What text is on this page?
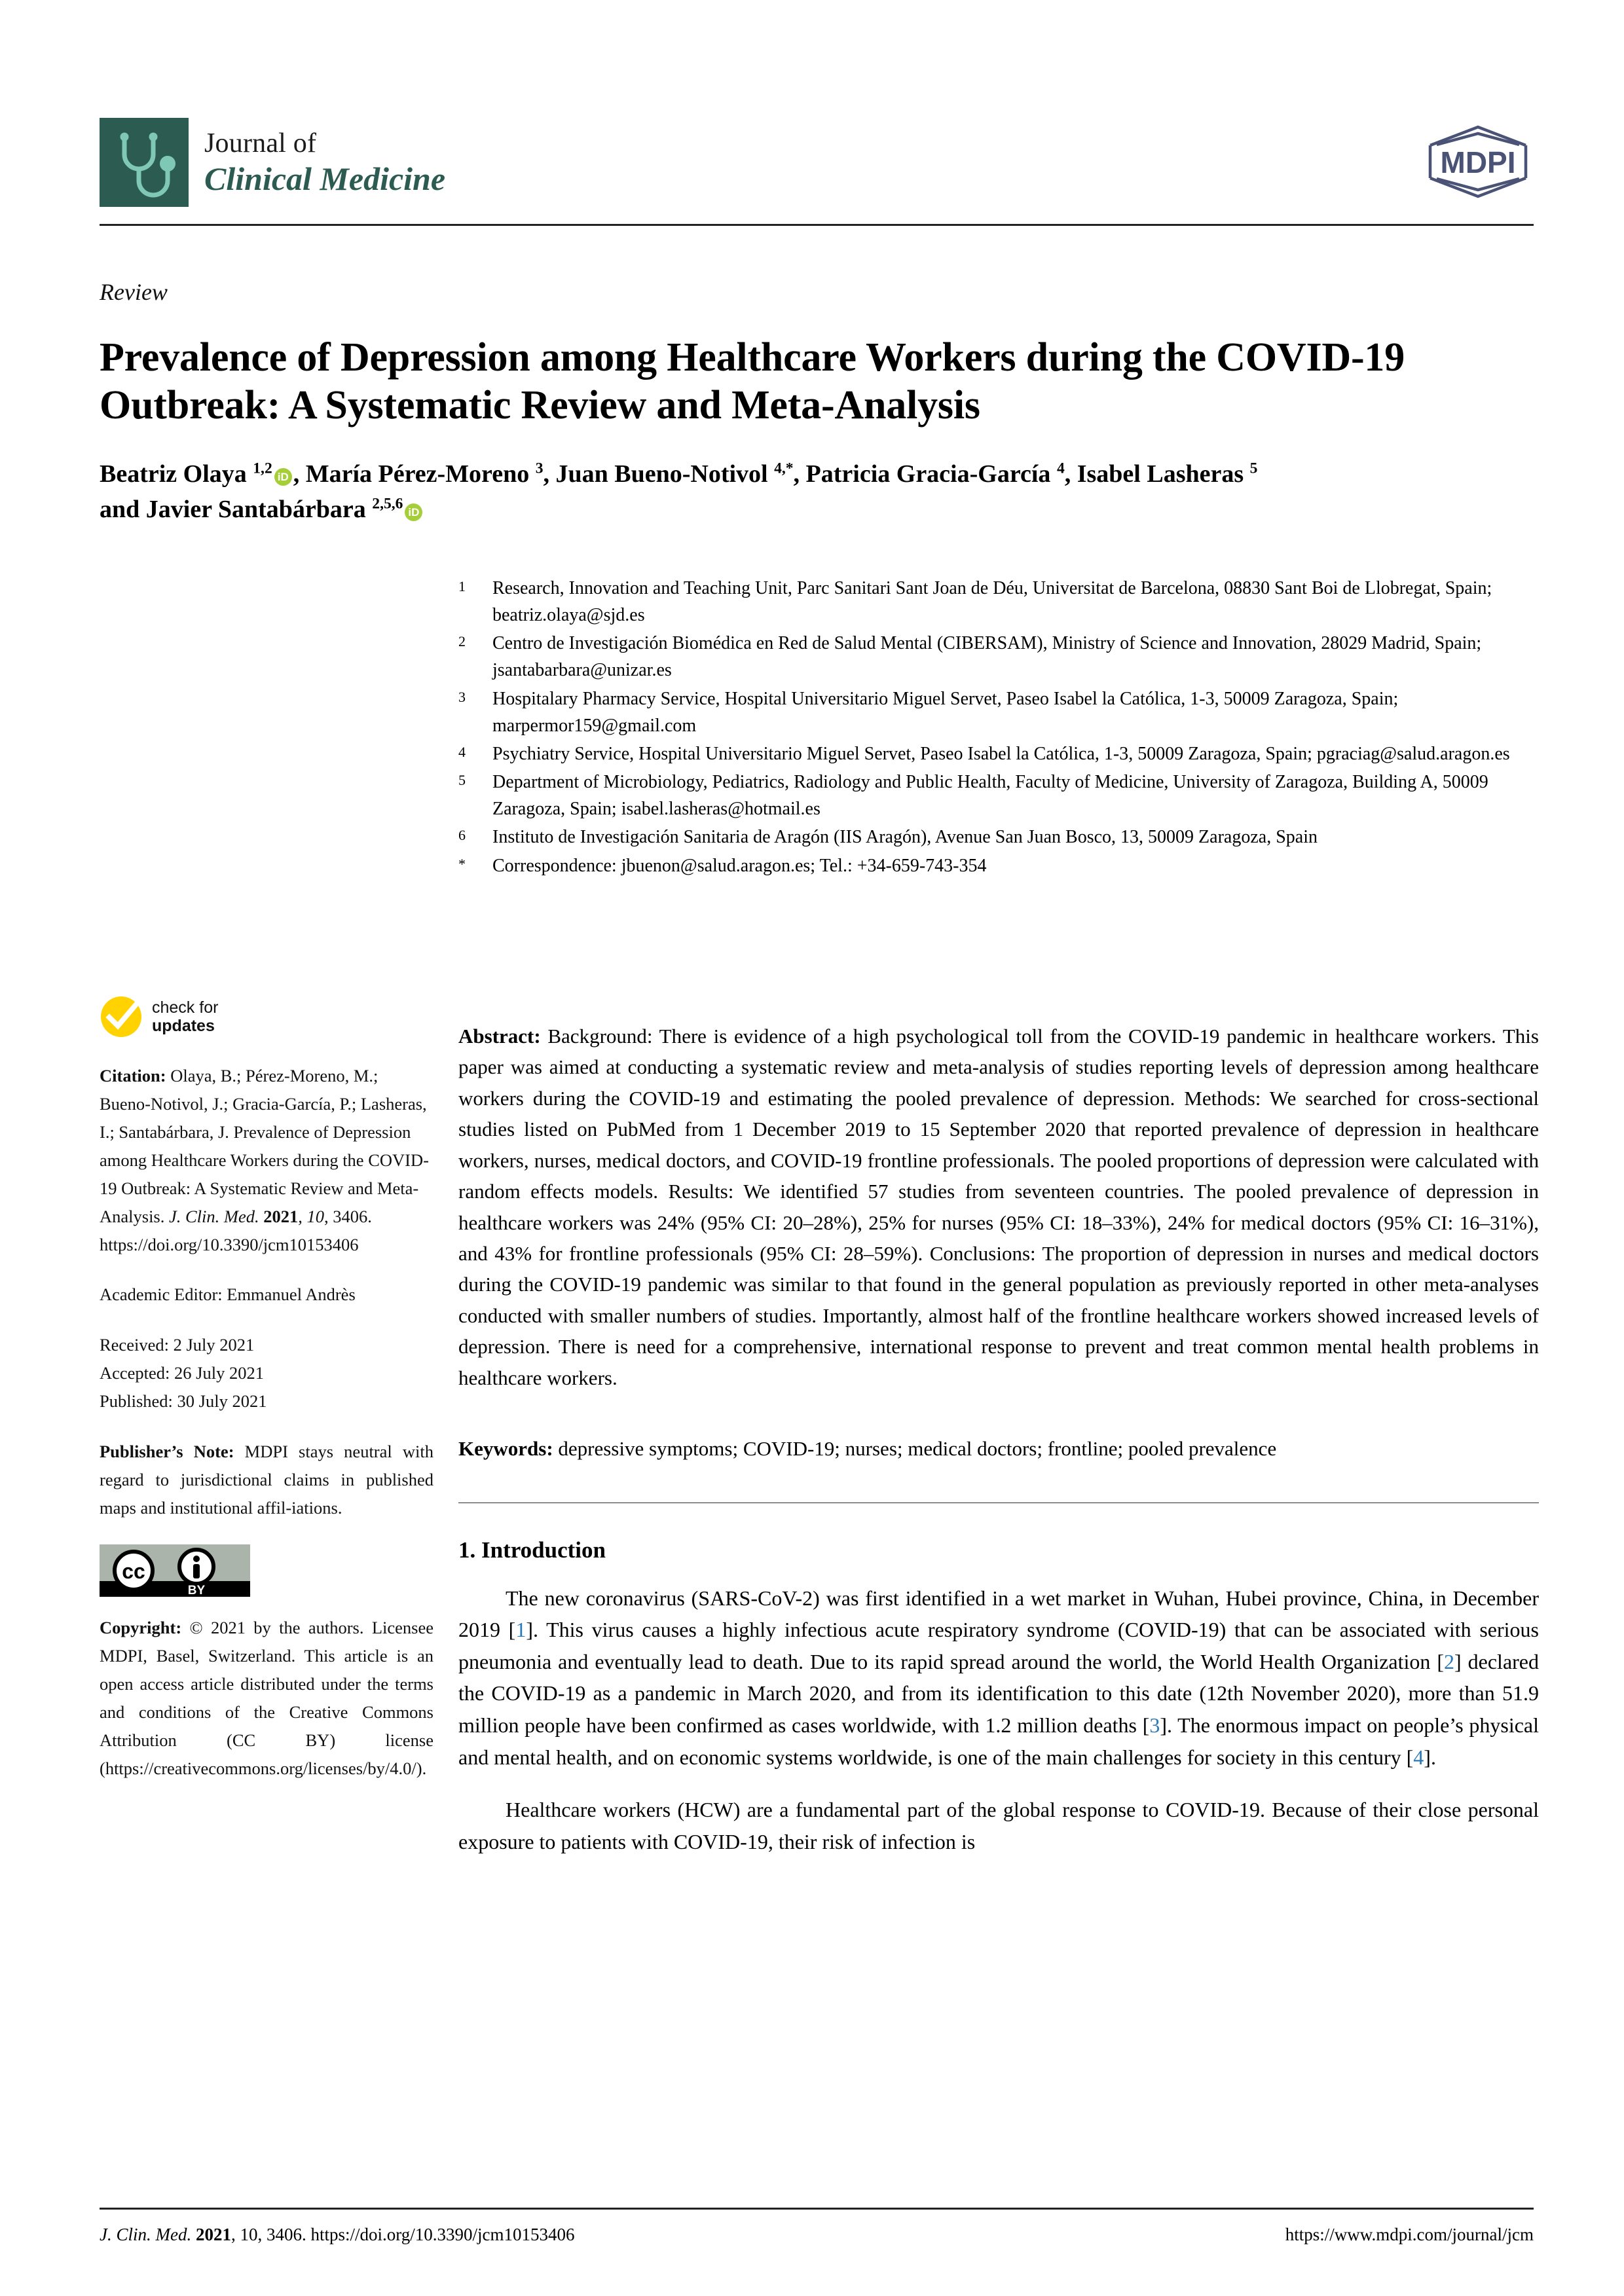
Journal of
Clinical Medicine	MDPI
Review
Prevalence of Depression among Healthcare Workers during the COVID-19 Outbreak: A Systematic Review and Meta-Analysis
Beatriz Olaya $^{1,2}$iD , María Pérez-Moreno $^3$, Juan Bueno-Notivol $^{4,*}$, Patricia Gracia-García $^4$, Isabel Lasheras $^5$
and Javier Santabárbara $^{2,5,6}$iD
1	Research, Innovation and Teaching Unit, Parc Sanitari Sant Joan de Déu, Universitat de Barcelona, 08830 Sant Boi de Llobregat, Spain; beatriz.olaya@sjd.es
2	Centro de Investigación Biomédica en Red de Salud Mental (CIBERSAM), Ministry of Science and Innovation, 28029 Madrid, Spain; jsantabarbara@unizar.es
3	Hospitalary Pharmacy Service, Hospital Universitario Miguel Servet, Paseo Isabel la Católica, 1-3, 50009 Zaragoza, Spain; marpermor159@gmail.com
4	Psychiatry Service, Hospital Universitario Miguel Servet, Paseo Isabel la Católica, 1-3, 50009 Zaragoza, Spain; pgraciag@salud.aragon.es
5	Department of Microbiology, Pediatrics, Radiology and Public Health, Faculty of Medicine, University of Zaragoza, Building A, 50009 Zaragoza, Spain; isabel.lasheras@hotmail.es
6	Instituto de Investigación Sanitaria de Aragón (IIS Aragón), Avenue San Juan Bosco, 13, 50009 Zaragoza, Spain
*	Correspondence: jbuenon@salud.aragon.es; Tel.: +34-659-743-354
check for
updates
Citation: Olaya, B.; Pérez-Moreno, M.; Bueno-Notivol, J.; Gracia-García, P.; Lasheras, I.; Santabárbara, J. Prevalence of Depression among Healthcare Workers during the COVID-19 Outbreak: A Systematic Review and Meta-Analysis. J. Clin. Med. 2021, 10, 3406. https://doi.org/10.3390/jcm10153406
Academic Editor: Emmanuel Andrès
Received: 2 July 2021
Accepted: 26 July 2021
Published: 30 July 2021
Publisher’s Note: MDPI stays neutral with regard to jurisdictional claims in published maps and institutional affil-iations.
cc
BY
Copyright: © 2021 by the authors. Licensee MDPI, Basel, Switzerland. This article is an open access article distributed under the terms and conditions of the Creative Commons Attribution (CC BY) license (https://creativecommons.org/licenses/by/4.0/).

Abstract: Background: There is evidence of a high psychological toll from the COVID-19 pandemic in healthcare workers. This paper was aimed at conducting a systematic review and meta-analysis of studies reporting levels of depression among healthcare workers during the COVID-19 and estimating the pooled prevalence of depression. Methods: We searched for cross-sectional studies listed on PubMed from 1 December 2019 to 15 September 2020 that reported prevalence of depression in healthcare workers, nurses, medical doctors, and COVID-19 frontline professionals. The pooled proportions of depression were calculated with random effects models. Results: We identified 57 studies from seventeen countries. The pooled prevalence of depression in healthcare workers was 24% (95% CI: 20–28%), 25% for nurses (95% CI: 18–33%), 24% for medical doctors (95% CI: 16–31%), and 43% for frontline professionals (95% CI: 28–59%). Conclusions: The proportion of depression in nurses and medical doctors during the COVID-19 pandemic was similar to that found in the general population as previously reported in other meta-analyses conducted with smaller numbers of studies. Importantly, almost half of the frontline healthcare workers showed increased levels of depression. There is need for a comprehensive, international response to prevent and treat common mental health problems in healthcare workers.

Keywords: depressive symptoms; COVID-19; nurses; medical doctors; frontline; pooled prevalence

1. Introduction

The new coronavirus (SARS-CoV-2) was first identified in a wet market in Wuhan, Hubei province, China, in December 2019 [1]. This virus causes a highly infectious acute respiratory syndrome (COVID-19) that can be associated with serious pneumonia and eventually lead to death. Due to its rapid spread around the world, the World Health Organization [2] declared the COVID-19 as a pandemic in March 2020, and from its identification to this date (12th November 2020), more than 51.9 million people have been confirmed as cases worldwide, with 1.2 million deaths [3]. The enormous impact on people’s physical and mental health, and on economic systems worldwide, is one of the main challenges for society in this century [4].

Healthcare workers (HCW) are a fundamental part of the global response to COVID-19. Because of their close personal exposure to patients with COVID-19, their risk of infection is

J. Clin. Med. 2021, 10, 3406. https://doi.org/10.3390/jcm10153406	https://www.mdpi.com/journal/jcm
